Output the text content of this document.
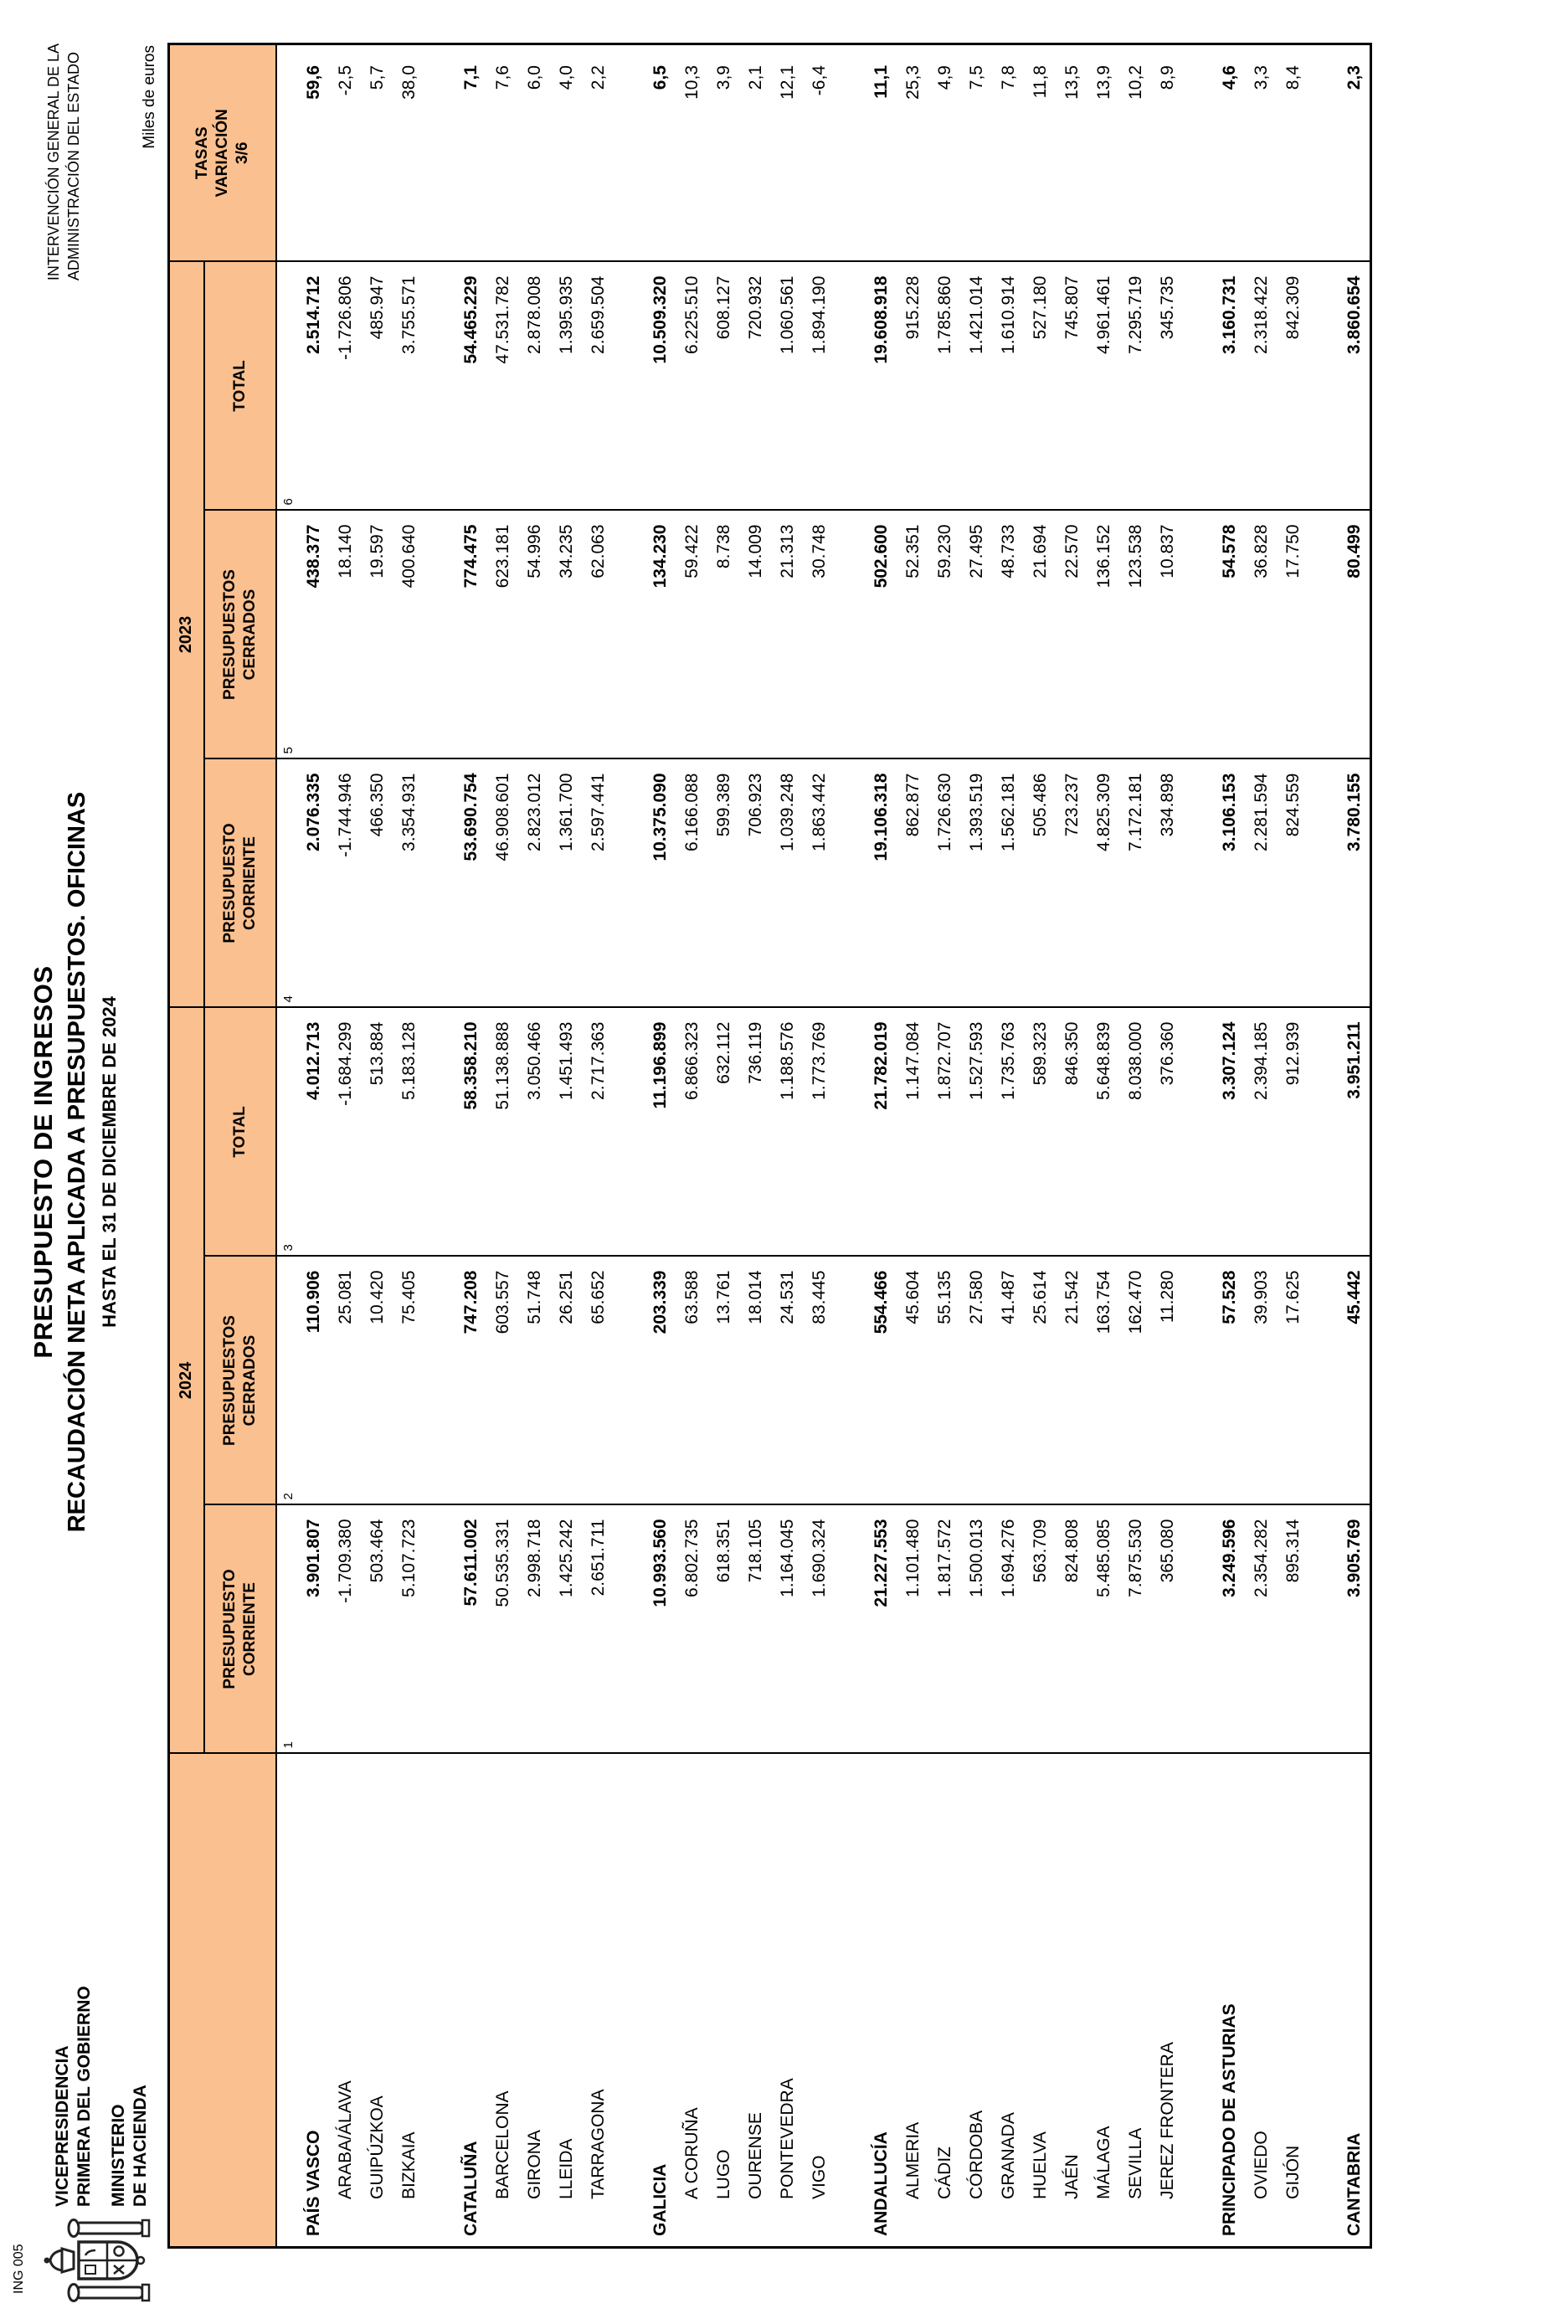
ING 005
VICEPRESIDENCIA PRIMERA DEL GOBIERNO MINISTERIO DE HACIENDA
PRESUPUESTO DE INGRESOS RECAUDACIÓN NETA APLICADA A PRESUPUESTOS. OFICINAS HASTA EL 31 DE DICIEMBRE DE 2024
INTERVENCIÓN GENERAL DE LA ADMINISTRACIÓN DEL ESTADO	Miles de euros
	2024			2023			TASAS VARIACIÓN 3/6

	PRESUPUESTO CORRIENTE	PRESUPUESTOS CERRADOS	TOTAL	PRESUPUESTO CORRIENTE	PRESUPUESTOS CERRADOS	TOTAL	

	1	2	3	4	5	6	
PAÍS VASCO	3.901.807	110.906	4.012.713	2.076.335	438.377	2.514.712	59,6
ARABA/ÁLAVA	-1.709.380	25.081	-1.684.299	-1.744.946	18.140	-1.726.806	-2,5
GUIPÚZKOA	503.464	10.420	513.884	466.350	19.597	485.947	5,7
BIZKAIA	5.107.723	75.405	5.183.128	3.354.931	400.640	3.755.571	38,0

CATALUÑA	57.611.002	747.208	58.358.210	53.690.754	774.475	54.465.229	7,1
BARCELONA	50.535.331	603.557	51.138.888	46.908.601	623.181	47.531.782	7,6
GIRONA	2.998.718	51.748	3.050.466	2.823.012	54.996	2.878.008	6,0
LLEIDA	1.425.242	26.251	1.451.493	1.361.700	34.235	1.395.935	4,0
TARRAGONA	2.651.711	65.652	2.717.363	2.597.441	62.063	2.659.504	2,2

GALICIA	10.993.560	203.339	11.196.899	10.375.090	134.230	10.509.320	6,5
A CORUÑA	6.802.735	63.588	6.866.323	6.166.088	59.422	6.225.510	10,3
LUGO	618.351	13.761	632.112	599.389	8.738	608.127	3,9
OURENSE	718.105	18.014	736.119	706.923	14.009	720.932	2,1
PONTEVEDRA	1.164.045	24.531	1.188.576	1.039.248	21.313	1.060.561	12,1
VIGO	1.690.324	83.445	1.773.769	1.863.442	30.748	1.894.190	-6,4

ANDALUCÍA	21.227.553	554.466	21.782.019	19.106.318	502.600	19.608.918	11,1
ALMERIA	1.101.480	45.604	1.147.084	862.877	52.351	915.228	25,3
CÁDIZ	1.817.572	55.135	1.872.707	1.726.630	59.230	1.785.860	4,9
CÓRDOBA	1.500.013	27.580	1.527.593	1.393.519	27.495	1.421.014	7,5
GRANADA	1.694.276	41.487	1.735.763	1.562.181	48.733	1.610.914	7,8
HUELVA	563.709	25.614	589.323	505.486	21.694	527.180	11,8
JAÉN	824.808	21.542	846.350	723.237	22.570	745.807	13,5
MÁLAGA	5.485.085	163.754	5.648.839	4.825.309	136.152	4.961.461	13,9
SEVILLA	7.875.530	162.470	8.038.000	7.172.181	123.538	7.295.719	10,2
JEREZ FRONTERA	365.080	11.280	376.360	334.898	10.837	345.735	8,9

PRINCIPADO DE ASTURIAS	3.249.596	57.528	3.307.124	3.106.153	54.578	3.160.731	4,6
OVIEDO	2.354.282	39.903	2.394.185	2.281.594	36.828	2.318.422	3,3
GIJÓN	895.314	17.625	912.939	824.559	17.750	842.309	8,4

CANTABRIA	3.905.769	45.442	3.951.211	3.780.155	80.499	3.860.654	2,3
